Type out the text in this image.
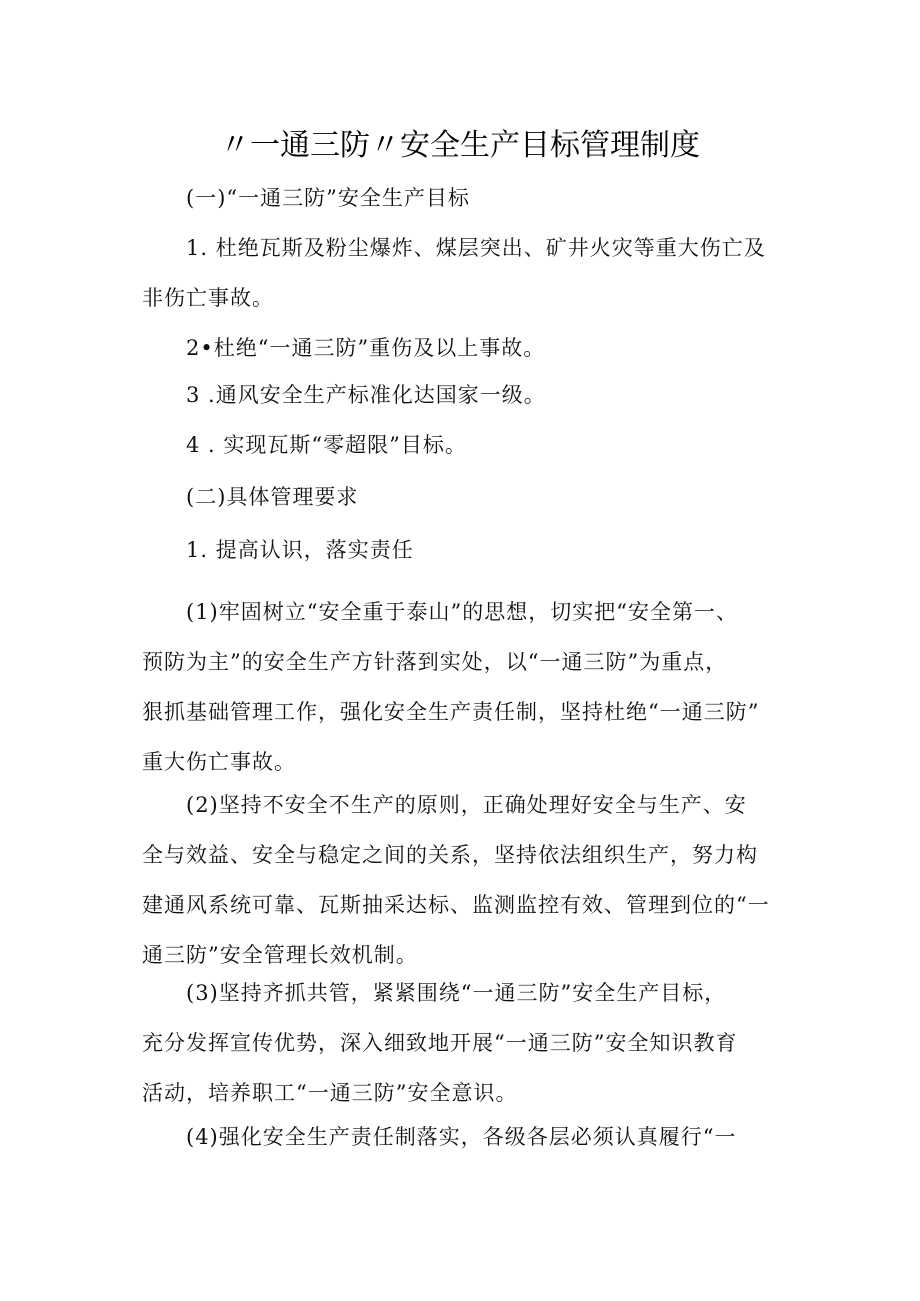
〃一通三防〃安全生产目标管理制度
(一)“一通三防”安全生产目标
1. 杜绝瓦斯及粉尘爆炸、煤层突出、矿井火灾等重大伤亡及
非伤亡事故。
2•杜绝“一通三防”重伤及以上事故。
3 .通风安全生产标准化达国家一级。
4 . 实现瓦斯“零超限”目标。
(二)具体管理要求
1. 提高认识，落实责任
(1)牢固树立“安全重于泰山”的思想，切实把“安全第一、
预防为主”的安全生产方针落到实处，以“一通三防”为重点，
狠抓基础管理工作，强化安全生产责任制，坚持杜绝“一通三防”
重大伤亡事故。
(2)坚持不安全不生产的原则，正确处理好安全与生产、安
全与效益、安全与稳定之间的关系，坚持依法组织生产，努力构
建通风系统可靠、瓦斯抽采达标、监测监控有效、管理到位的“一
通三防”安全管理长效机制。
(3)坚持齐抓共管，紧紧围绕“一通三防”安全生产目标，
充分发挥宣传优势，深入细致地开展“一通三防”安全知识教育
活动，培养职工“一通三防”安全意识。
(4)强化安全生产责任制落实，各级各层必须认真履行“一
